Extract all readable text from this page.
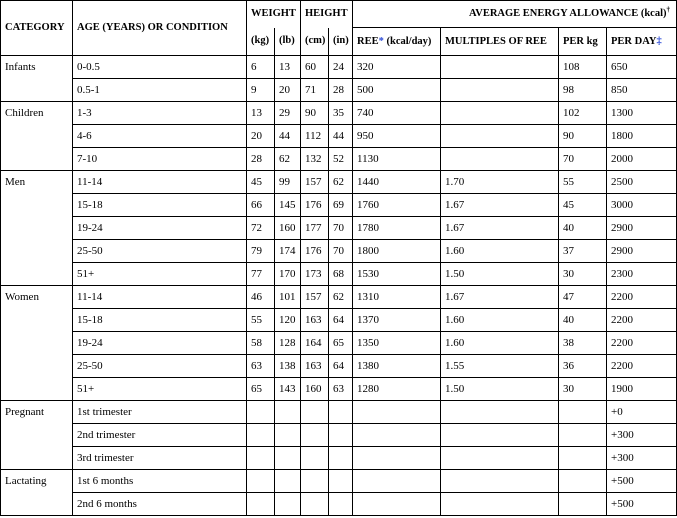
CATEGORY	AGE (YEARS) OR CONDITION	WEIGHT		HEIGHT		AVERAGE ENERGY ALLOWANCE (kcal)†
		(kg)	(lb)	(cm)	(in)	REE* (kcal/day)	MULTIPLES OF REE	PER kg	PER DAY‡
Infants	0-0.5	6	13	60	24	320		108	650
	0.5-1	9	20	71	28	500		98	850
Children	1-3	13	29	90	35	740		102	1300
	4-6	20	44	112	44	950		90	1800
	7-10	28	62	132	52	1130		70	2000
Men	11-14	45	99	157	62	1440	1.70	55	2500
	15-18	66	145	176	69	1760	1.67	45	3000
	19-24	72	160	177	70	1780	1.67	40	2900
	25-50	79	174	176	70	1800	1.60	37	2900
	51+	77	170	173	68	1530	1.50	30	2300
Women	11-14	46	101	157	62	1310	1.67	47	2200
	15-18	55	120	163	64	1370	1.60	40	2200
	19-24	58	128	164	65	1350	1.60	38	2200
	25-50	63	138	163	64	1380	1.55	36	2200
	51+	65	143	160	63	1280	1.50	30	1900
Pregnant	1st trimester								+0
	2nd trimester								+300
	3rd trimester								+300
Lactating	1st 6 months								+500
	2nd 6 months								+500
